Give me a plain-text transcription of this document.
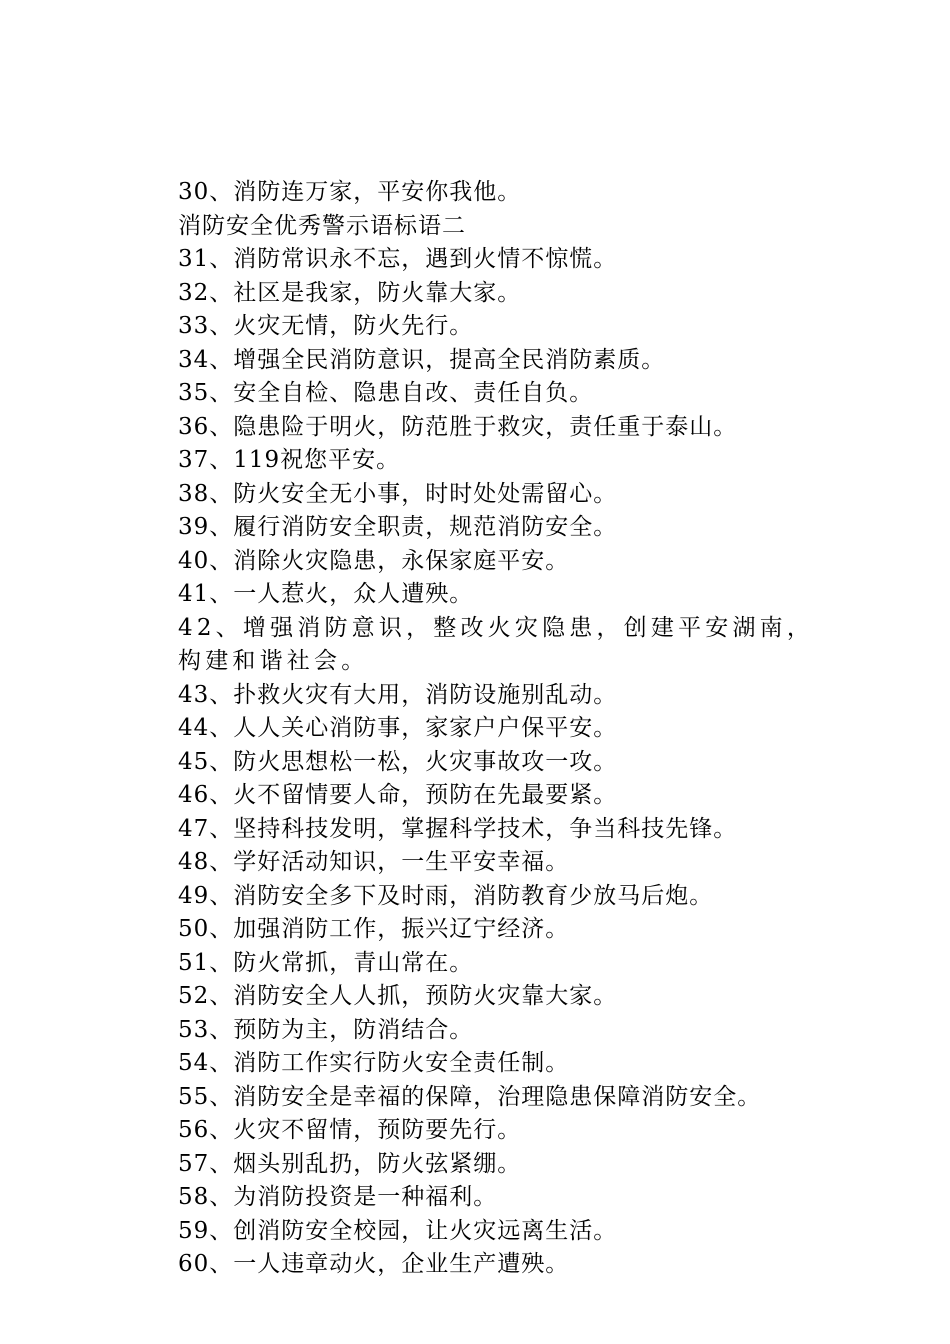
30、消防连万家，平安你我他。
消防安全优秀警示语标语二
31、消防常识永不忘，遇到火情不惊慌。
32、社区是我家，防火靠大家。
33、火灾无情，防火先行。
34、增强全民消防意识，提高全民消防素质。
35、安全自检、隐患自改、责任自负。
36、隐患险于明火，防范胜于救灾，责任重于泰山。
37、119祝您平安。
38、防火安全无小事，时时处处需留心。
39、履行消防安全职责，规范消防安全。
40、消除火灾隐患，永保家庭平安。
41、一人惹火，众人遭殃。
42、增强消防意识，整改火灾隐患，创建平安湖南，构建和谐社会。
43、扑救火灾有大用，消防设施别乱动。
44、人人关心消防事，家家户户保平安。
45、防火思想松一松，火灾事故攻一攻。
46、火不留情要人命，预防在先最要紧。
47、坚持科技发明，掌握科学技术，争当科技先锋。
48、学好活动知识，一生平安幸福。
49、消防安全多下及时雨，消防教育少放马后炮。
50、加强消防工作，振兴辽宁经济。
51、防火常抓，青山常在。
52、消防安全人人抓，预防火灾靠大家。
53、预防为主，防消结合。
54、消防工作实行防火安全责任制。
55、消防安全是幸福的保障，治理隐患保障消防安全。
56、火灾不留情，预防要先行。
57、烟头别乱扔，防火弦紧绷。
58、为消防投资是一种福利。
59、创消防安全校园，让火灾远离生活。
60、一人违章动火，企业生产遭殃。
